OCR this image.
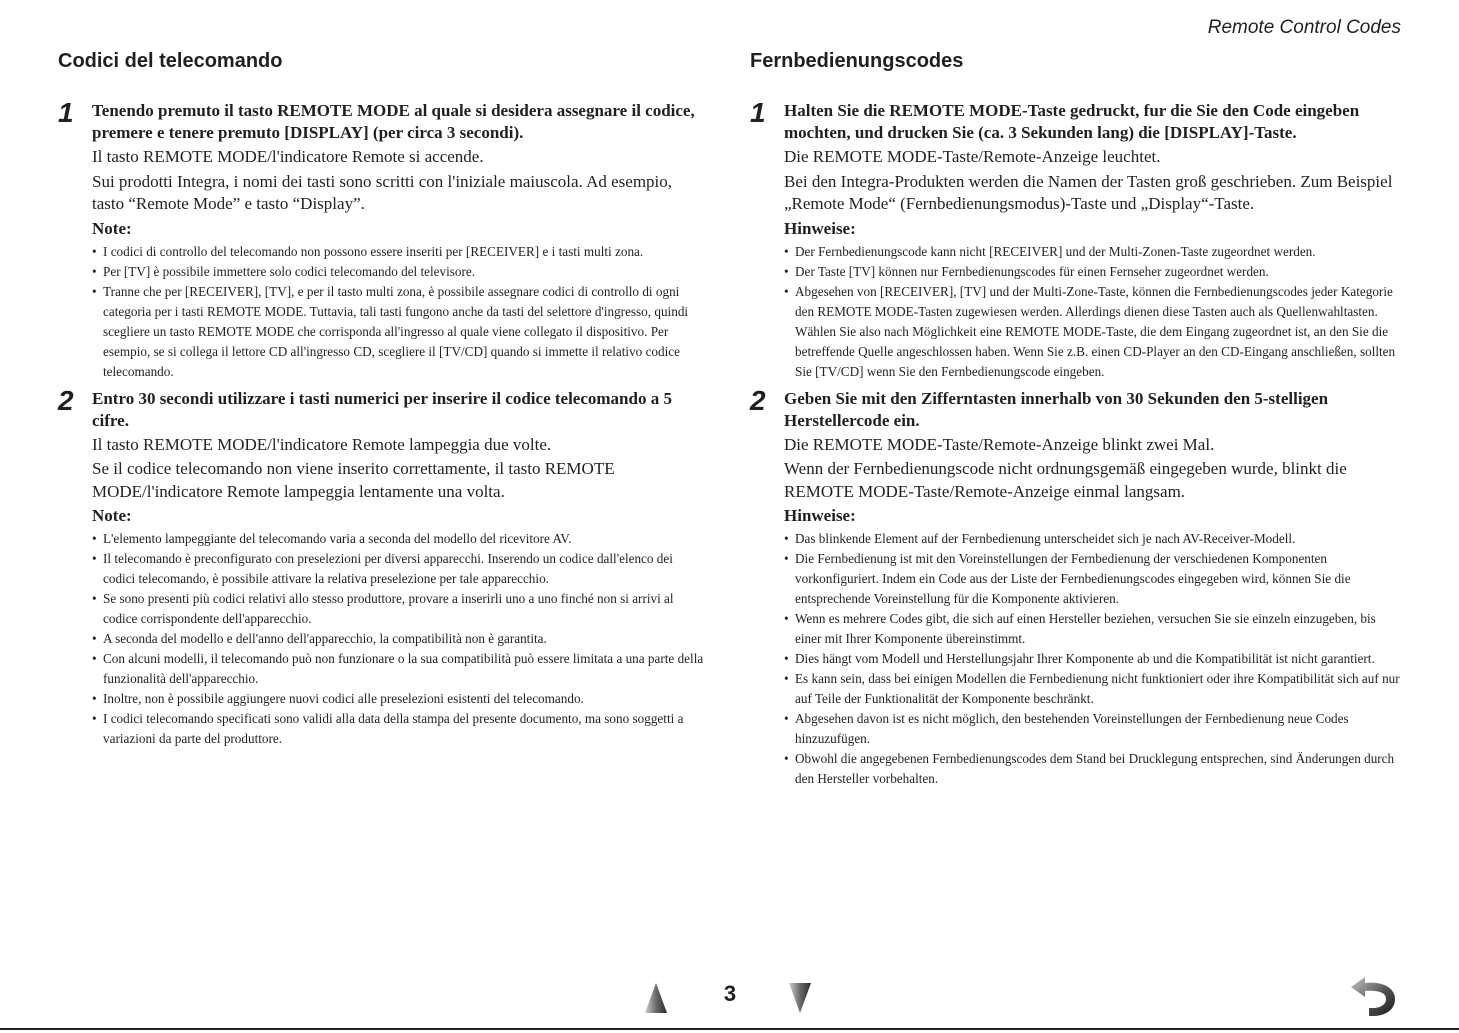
Remote Control Codes
Codici del telecomando
1 Tenendo premuto il tasto REMOTE MODE al quale si desidera assegnare il codice, premere e tenere premuto [DISPLAY] (per circa 3 secondi).

Il tasto REMOTE MODE/l'indicatore Remote si accende.

Sui prodotti Integra, i nomi dei tasti sono scritti con l'iniziale maiuscola. Ad esempio, tasto “Remote Mode” e tasto “Display”.

Note:
• I codici di controllo del telecomando non possono essere inseriti per [RECEIVER] e i tasti multi zona.
• Per [TV] è possibile immettere solo codici telecomando del televisore.
• Tranne che per [RECEIVER], [TV], e per il tasto multi zona, è possibile assegnare codici di controllo di ogni categoria per i tasti REMOTE MODE. Tuttavia, tali tasti fungono anche da tasti del selettore d'ingresso, quindi scegliere un tasto REMOTE MODE che corrisponda all'ingresso al quale viene collegato il dispositivo. Per esempio, se si collega il lettore CD all'ingresso CD, scegliere il [TV/CD] quando si immette il relativo codice telecomando.
2 Entro 30 secondi utilizzare i tasti numerici per inserire il codice telecomando a 5 cifre.

Il tasto REMOTE MODE/l'indicatore Remote lampeggia due volte.

Se il codice telecomando non viene inserito correttamente, il tasto REMOTE MODE/l'indicatore Remote lampeggia lentamente una volta.

Note:
• L'elemento lampeggiante del telecomando varia a seconda del modello del ricevitore AV.
• Il telecomando è preconfigurato con preselezioni per diversi apparecchi. Inserendo un codice dall'elenco dei codici telecomando, è possibile attivare la relativa preselezione per tale apparecchio.
• Se sono presenti più codici relativi allo stesso produttore, provare a inserirli uno a uno finché non si arrivi al codice corrispondente dell'apparecchio.
• A seconda del modello e dell'anno dell'apparecchio, la compatibilità non è garantita.
• Con alcuni modelli, il telecomando può non funzionare o la sua compatibilità può essere limitata a una parte della funzionalità dell'apparecchio.
• Inoltre, non è possibile aggiungere nuovi codici alle preselezioni esistenti del telecomando.
• I codici telecomando specificati sono validi alla data della stampa del presente documento, ma sono soggetti a variazioni da parte del produttore.
Fernbedienungscodes
1 Halten Sie die REMOTE MODE-Taste gedruckt, fur die Sie den Code eingeben mochten, und drucken Sie (ca. 3 Sekunden lang) die [DISPLAY]-Taste.

Die REMOTE MODE-Taste/Remote-Anzeige leuchtet.

Bei den Integra-Produkten werden die Namen der Tasten groß geschrieben. Zum Beispiel „Remote Mode“ (Fernbedienungsmodus)-Taste und „Display“-Taste.

Hinweise:
• Der Fernbedienungscode kann nicht [RECEIVER] und der Multi-Zonen-Taste zugeordnet werden.
• Der Taste [TV] können nur Fernbedienungscodes für einen Fernseher zugeordnet werden.
• Abgesehen von [RECEIVER], [TV] und der Multi-Zone-Taste, können die Fernbedienungscodes jeder Kategorie den REMOTE MODE-Tasten zugewiesen werden. Allerdings dienen diese Tasten auch als Quellenwahltasten. Wählen Sie also nach Möglichkeit eine REMOTE MODE-Taste, die dem Eingang zugeordnet ist, an den Sie die betreffende Quelle angeschlossen haben. Wenn Sie z.B. einen CD-Player an den CD-Eingang anschließen, sollten Sie [TV/CD] wenn Sie den Fernbedienungscode eingeben.
2 Geben Sie mit den Zifferntasten innerhalb von 30 Sekunden den 5-stelligen Herstellercode ein.

Die REMOTE MODE-Taste/Remote-Anzeige blinkt zwei Mal.

Wenn der Fernbedienungscode nicht ordnungsgemäß eingegeben wurde, blinkt die REMOTE MODE-Taste/Remote-Anzeige einmal langsam.

Hinweise:
• Das blinkende Element auf der Fernbedienung unterscheidet sich je nach AV-Receiver-Modell.
• Die Fernbedienung ist mit den Voreinstellungen der Fernbedienung der verschiedenen Komponenten vorkonfiguriert. Indem ein Code aus der Liste der Fernbedienungscodes eingegeben wird, können Sie die entsprechende Voreinstellung für die Komponente aktivieren.
• Wenn es mehrere Codes gibt, die sich auf einen Hersteller beziehen, versuchen Sie sie einzeln einzugeben, bis einer mit Ihrer Komponente übereinstimmt.
• Dies hängt vom Modell und Herstellungsjahr Ihrer Komponente ab und die Kompatibilität ist nicht garantiert.
• Es kann sein, dass bei einigen Modellen die Fernbedienung nicht funktioniert oder ihre Kompatibilität sich auf nur auf Teile der Funktionalität der Komponente beschränkt.
• Abgesehen davon ist es nicht möglich, den bestehenden Voreinstellungen der Fernbedienung neue Codes hinzuzufügen.
• Obwohl die angegebenen Fernbedienungscodes dem Stand bei Drucklegung entsprechen, sind Änderungen durch den Hersteller vorbehalten.
3
